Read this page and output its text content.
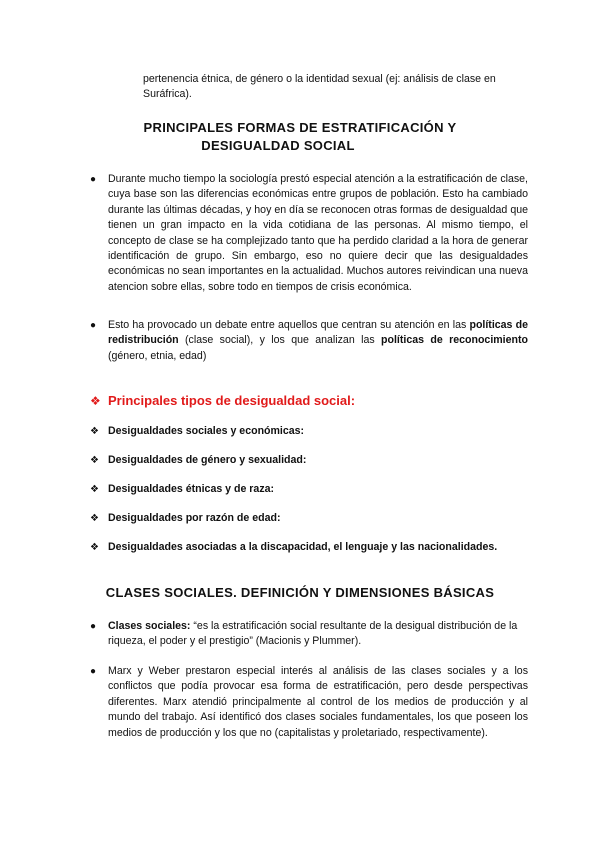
pertenencia étnica, de género o la identidad sexual (ej: análisis de clase en

Suráfrica).

PRINCIPALES FORMAS DE ESTRATIFICACIÓN Y
DESIGUALDAD SOCIAL
●	Durante mucho tiempo la sociología prestó especial atención a la estratificación de clase, cuya base son las diferencias económicas entre grupos de población. Esto ha cambiado durante las últimas décadas, y hoy en día se reconocen otras formas de desigualdad que tienen un gran impacto en la vida cotidiana de las personas. Al mismo tiempo, el concepto de clase se ha complejizado tanto que ha perdido claridad a la hora de generar identificación de grupo. Sin embargo, eso no quiere decir que las desigualdades económicas no sean importantes en la actualidad. Muchos autores reivindican una nueva atencion sobre ellas, sobre todo en tiempos de crisis económica.

●	Esto ha provocado un debate entre aquellos que centran su atención en las políticas de redistribución (clase social), y los que analizan las políticas de reconocimiento (género, etnia, edad)

❖ Principales tipos de desigualdad social:
❖ Desigualdades sociales y económicas:
❖ Desigualdades de género y sexualidad:
❖ Desigualdades étnicas y de raza:
❖ Desigualdades por razón de edad:
❖ Desigualdades asociadas a la discapacidad, el lenguaje y las nacionalidades.
CLASES SOCIALES. DEFINICIÓN Y DIMENSIONES BÁSICAS
●	Clases sociales: “es la estratificación social resultante de la desigual distribución de la riqueza, el poder y el prestigio” (Macionis y Plummer).

●	Marx y Weber prestaron especial interés al análisis de las clases sociales y a los conflictos que podía provocar esa forma de estratificación, pero desde perspectivas diferentes. Marx atendió principalmente al control de los medios de producción y al mundo del trabajo. Así identificó dos clases sociales fundamentales, los que poseen los medios de producción y los que no (capitalistas y proletariado, respectivamente).
